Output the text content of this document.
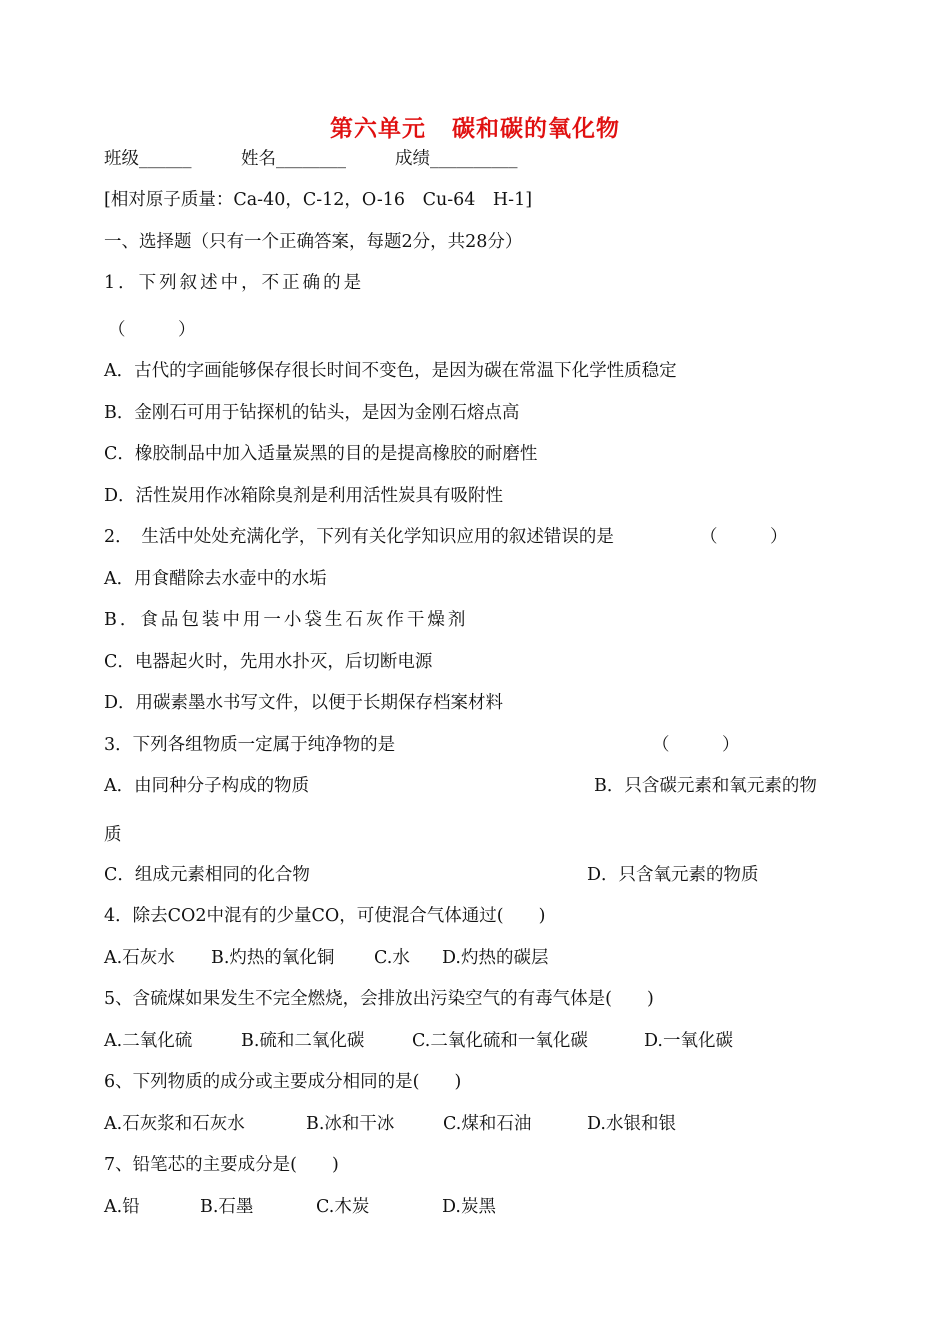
第六单元 碳和碳的氧化物
班级______	姓名________	成绩__________
[相对原子质量：Ca-40，C-12，O-16　Cu-64　H-1]
一、选择题（只有一个正确答案，每题2分，共28分）
1．下列叙述中，不正确的是
（　　　）
A．古代的字画能够保存很长时间不变色，是因为碳在常温下化学性质稳定
B．金刚石可用于钻探机的钻头，是因为金刚石熔点高
C．橡胶制品中加入适量炭黑的目的是提高橡胶的耐磨性
D．活性炭用作冰箱除臭剂是利用活性炭具有吸附性
2．　生活中处处充满化学，下列有关化学知识应用的叙述错误的是	（　　　）
A．用食醋除去水壶中的水垢
B．食品包装中用一小袋生石灰作干燥剂
C．电器起火时，先用水扑灭，后切断电源
D．用碳素墨水书写文件，以便于长期保存档案材料
3．下列各组物质一定属于纯净物的是	（　　　）
A．由同种分子构成的物质	B．只含碳元素和氧元素的物
质
C．组成元素相同的化合物	D．只含氧元素的物质
4．除去CO2中混有的少量CO，可使混合气体通过(　　)
A.石灰水 B.灼热的氧化铜 C.水 D.灼热的碳层
5、含硫煤如果发生不完全燃烧，会排放出污染空气的有毒气体是(　　)
A.二氧化硫	B.硫和二氧化碳	C.二氧化硫和一氧化碳	D.一氧化碳
6、下列物质的成分或主要成分相同的是(　　)
A.石灰浆和石灰水	B.冰和干冰	C.煤和石油	D.水银和银
7、铅笔芯的主要成分是(　　)
A.铅	B.石墨	C.木炭	D.炭黑
